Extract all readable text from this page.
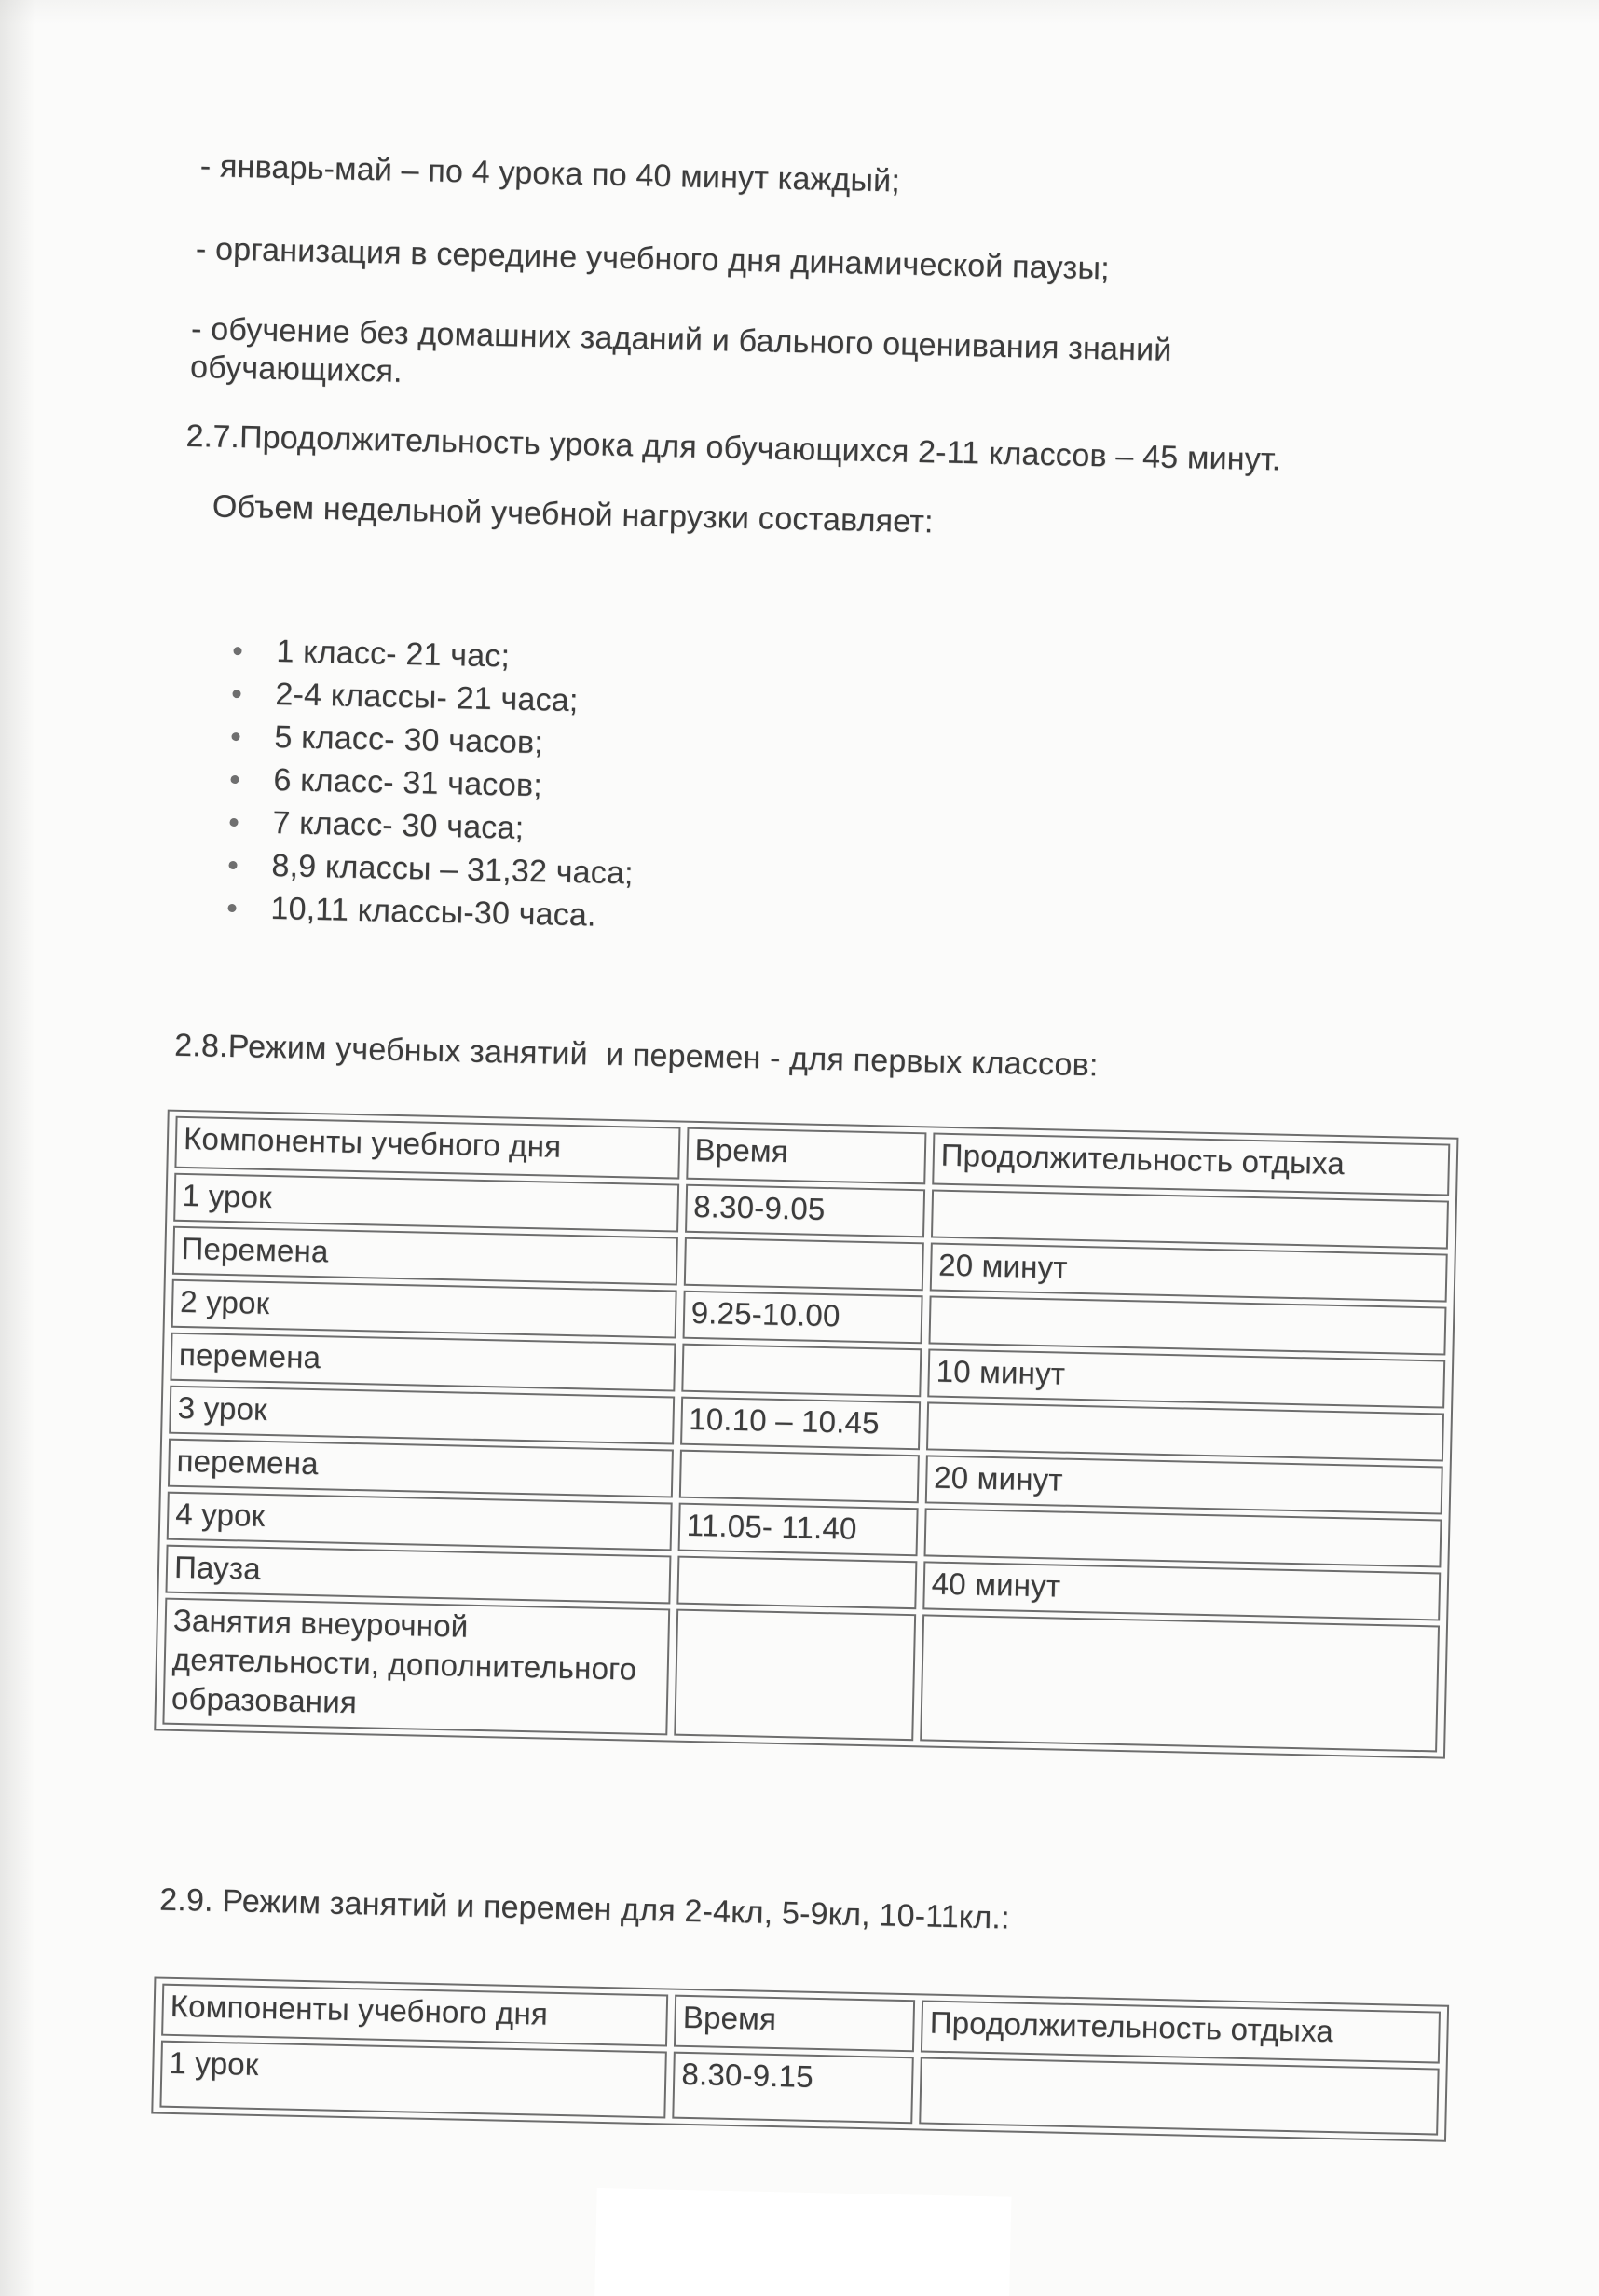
- январь-май – по 4 урока по 40 минут каждый;
- организация в середине учебного дня динамической паузы;
- обучение без домашних заданий и бального оценивания знаний обучающихся.
2.7.Продолжительность урока для обучающихся 2-11 классов – 45 минут.
Объем недельной учебной нагрузки составляет:
1 класс- 21 час;
2-4 классы- 21 часа;
5 класс- 30 часов;
6 класс- 31 часов;
7 класс- 30 часа;
8,9 классы – 31,32 часа;
10,11 классы-30 часа.
2.8.Режим учебных занятий  и перемен - для первых классов:
Компоненты учебного дня	Время	Продолжительность отдыха
1 урок	8.30-9.05	
Перемена		20 минут
2 урок	9.25-10.00	
перемена		10 минут
3 урок	10.10 – 10.45	
перемена		20 минут
4 урок	11.05- 11.40	
Пауза		40 минут
Занятия внеурочной
деятельности, дополнительного
образования		
2.9. Режим занятий и перемен для 2-4кл, 5-9кл, 10-11кл.:
Компоненты учебного дня	Время	Продолжительность отдыха
1 урок	8.30-9.15	
